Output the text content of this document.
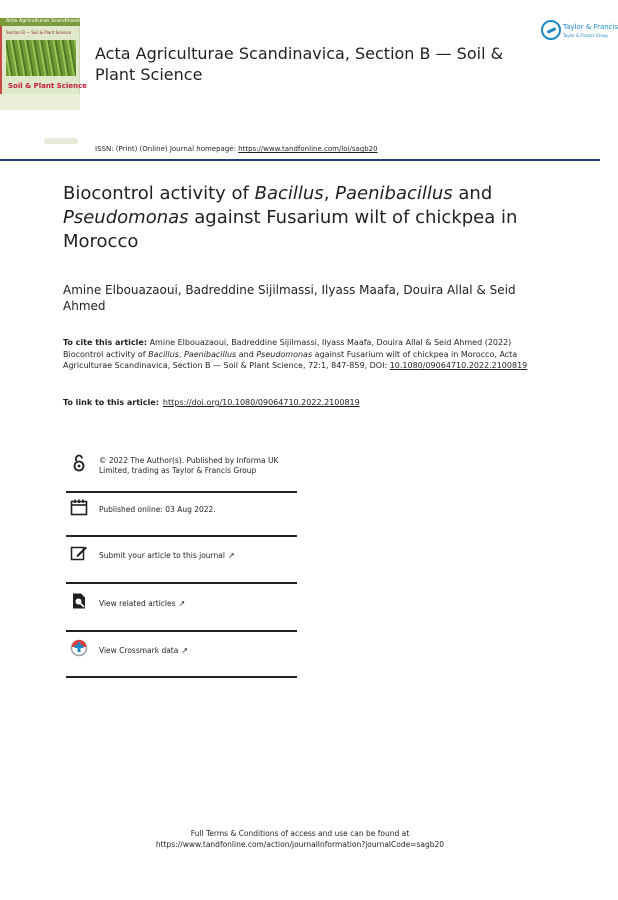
Acta Agriculturae Scandinavica
Section B — Soil & Plant Science
Soil & Plant Science
Acta Agriculturae Scandinavica, Section B — Soil & Plant Science
Taylor & Francis
Taylor & Francis Group
ISSN: (Print) (Online) Journal homepage: https://www.tandfonline.com/loi/sagb20
Biocontrol activity of Bacillus, Paenibacillus and
Pseudomonas against Fusarium wilt of chickpea in Morocco
Amine Elbouazaoui, Badreddine Sijilmassi, Ilyass Maafa, Douira Allal & Seid Ahmed
To cite this article: Amine Elbouazaoui, Badreddine Sijilmassi, Ilyass Maafa, Douira Allal & Seid Ahmed (2022) Biocontrol activity of Bacillus, Paenibacillus and Pseudomonas against Fusarium wilt of chickpea in Morocco, Acta Agriculturae Scandinavica, Section B — Soil & Plant Science, 72:1, 847-859, DOI: 10.1080/09064710.2022.2100819
To link to this article: https://doi.org/10.1080/09064710.2022.2100819
© 2022 The Author(s). Published by Informa UK Limited, trading as Taylor & Francis Group
Published online: 03 Aug 2022.
Submit your article to this journal ↗
View related articles ↗
View Crossmark data ↗
Full Terms & Conditions of access and use can be found at
https://www.tandfonline.com/action/journalInformation?journalCode=sagb20
